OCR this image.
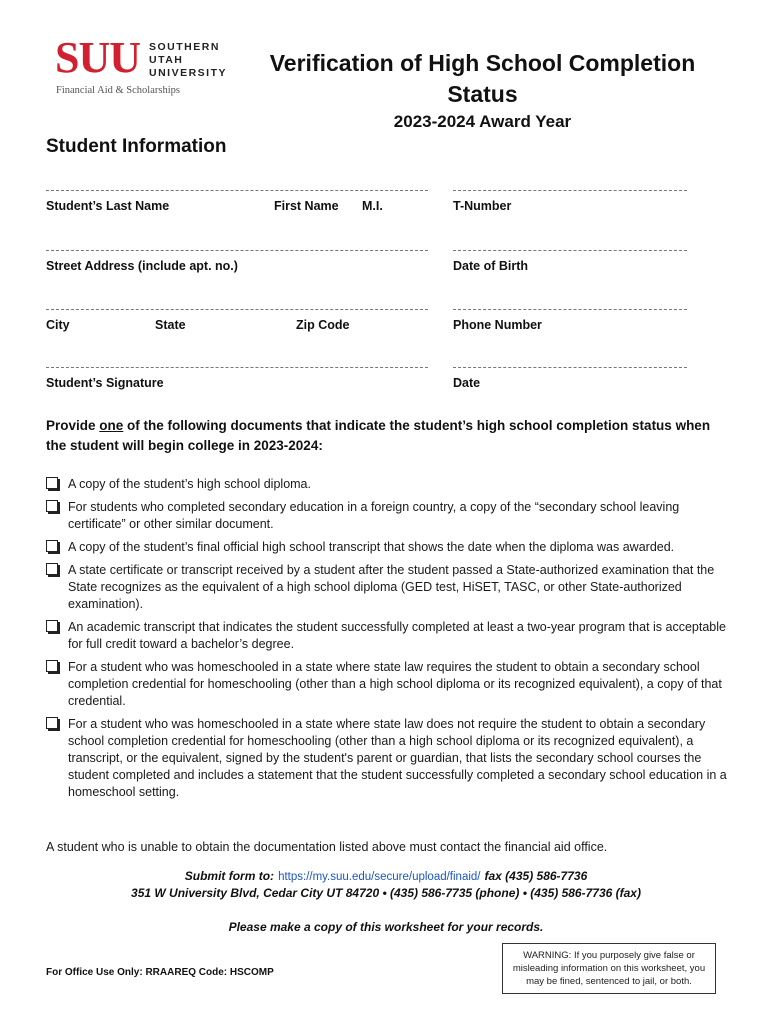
SUU SOUTHERN
UTAH
UNIVERSITY
Financial Aid & Scholarships
Verification of High School Completion
Status
2023-2024 Award Year
Student Information
Student’s Last Name	First Name M.I.	T-Number
Street Address (include apt. no.)	Date of Birth
City	State	Zip Code	Phone Number
Student’s Signature	Date
Provide one of the following documents that indicate the student’s high school completion status when the student will begin college in 2023-2024:
A copy of the student’s high school diploma.
For students who completed secondary education in a foreign country, a copy of the “secondary school leaving certificate” or other similar document.
A copy of the student’s final official high school transcript that shows the date when the diploma was awarded.
A state certificate or transcript received by a student after the student passed a State-authorized examination that the State recognizes as the equivalent of a high school diploma (GED test, HiSET, TASC, or other State-authorized examination).
An academic transcript that indicates the student successfully completed at least a two-year program that is acceptable for full credit toward a bachelor’s degree.
For a student who was homeschooled in a state where state law requires the student to obtain a secondary school completion credential for homeschooling (other than a high school diploma or its recognized equivalent), a copy of that credential.
For a student who was homeschooled in a state where state law does not require the student to obtain a secondary school completion credential for homeschooling (other than a high school diploma or its recognized equivalent), a transcript, or the equivalent, signed by the student's parent or guardian, that lists the secondary school courses the student completed and includes a statement that the student successfully completed a secondary school education in a homeschool setting.
A student who is unable to obtain the documentation listed above must contact the financial aid office.
Submit form to: https://my.suu.edu/secure/upload/finaid/ fax (435) 586-7736
351 W University Blvd, Cedar City UT 84720 • (435) 586-7735 (phone) • (435) 586-7736 (fax)
Please make a copy of this worksheet for your records.
For Office Use Only: RRAAREQ Code: HSCOMP
WARNING: If you purposely give false or misleading information on this worksheet, you may be fined, sentenced to jail, or both.
